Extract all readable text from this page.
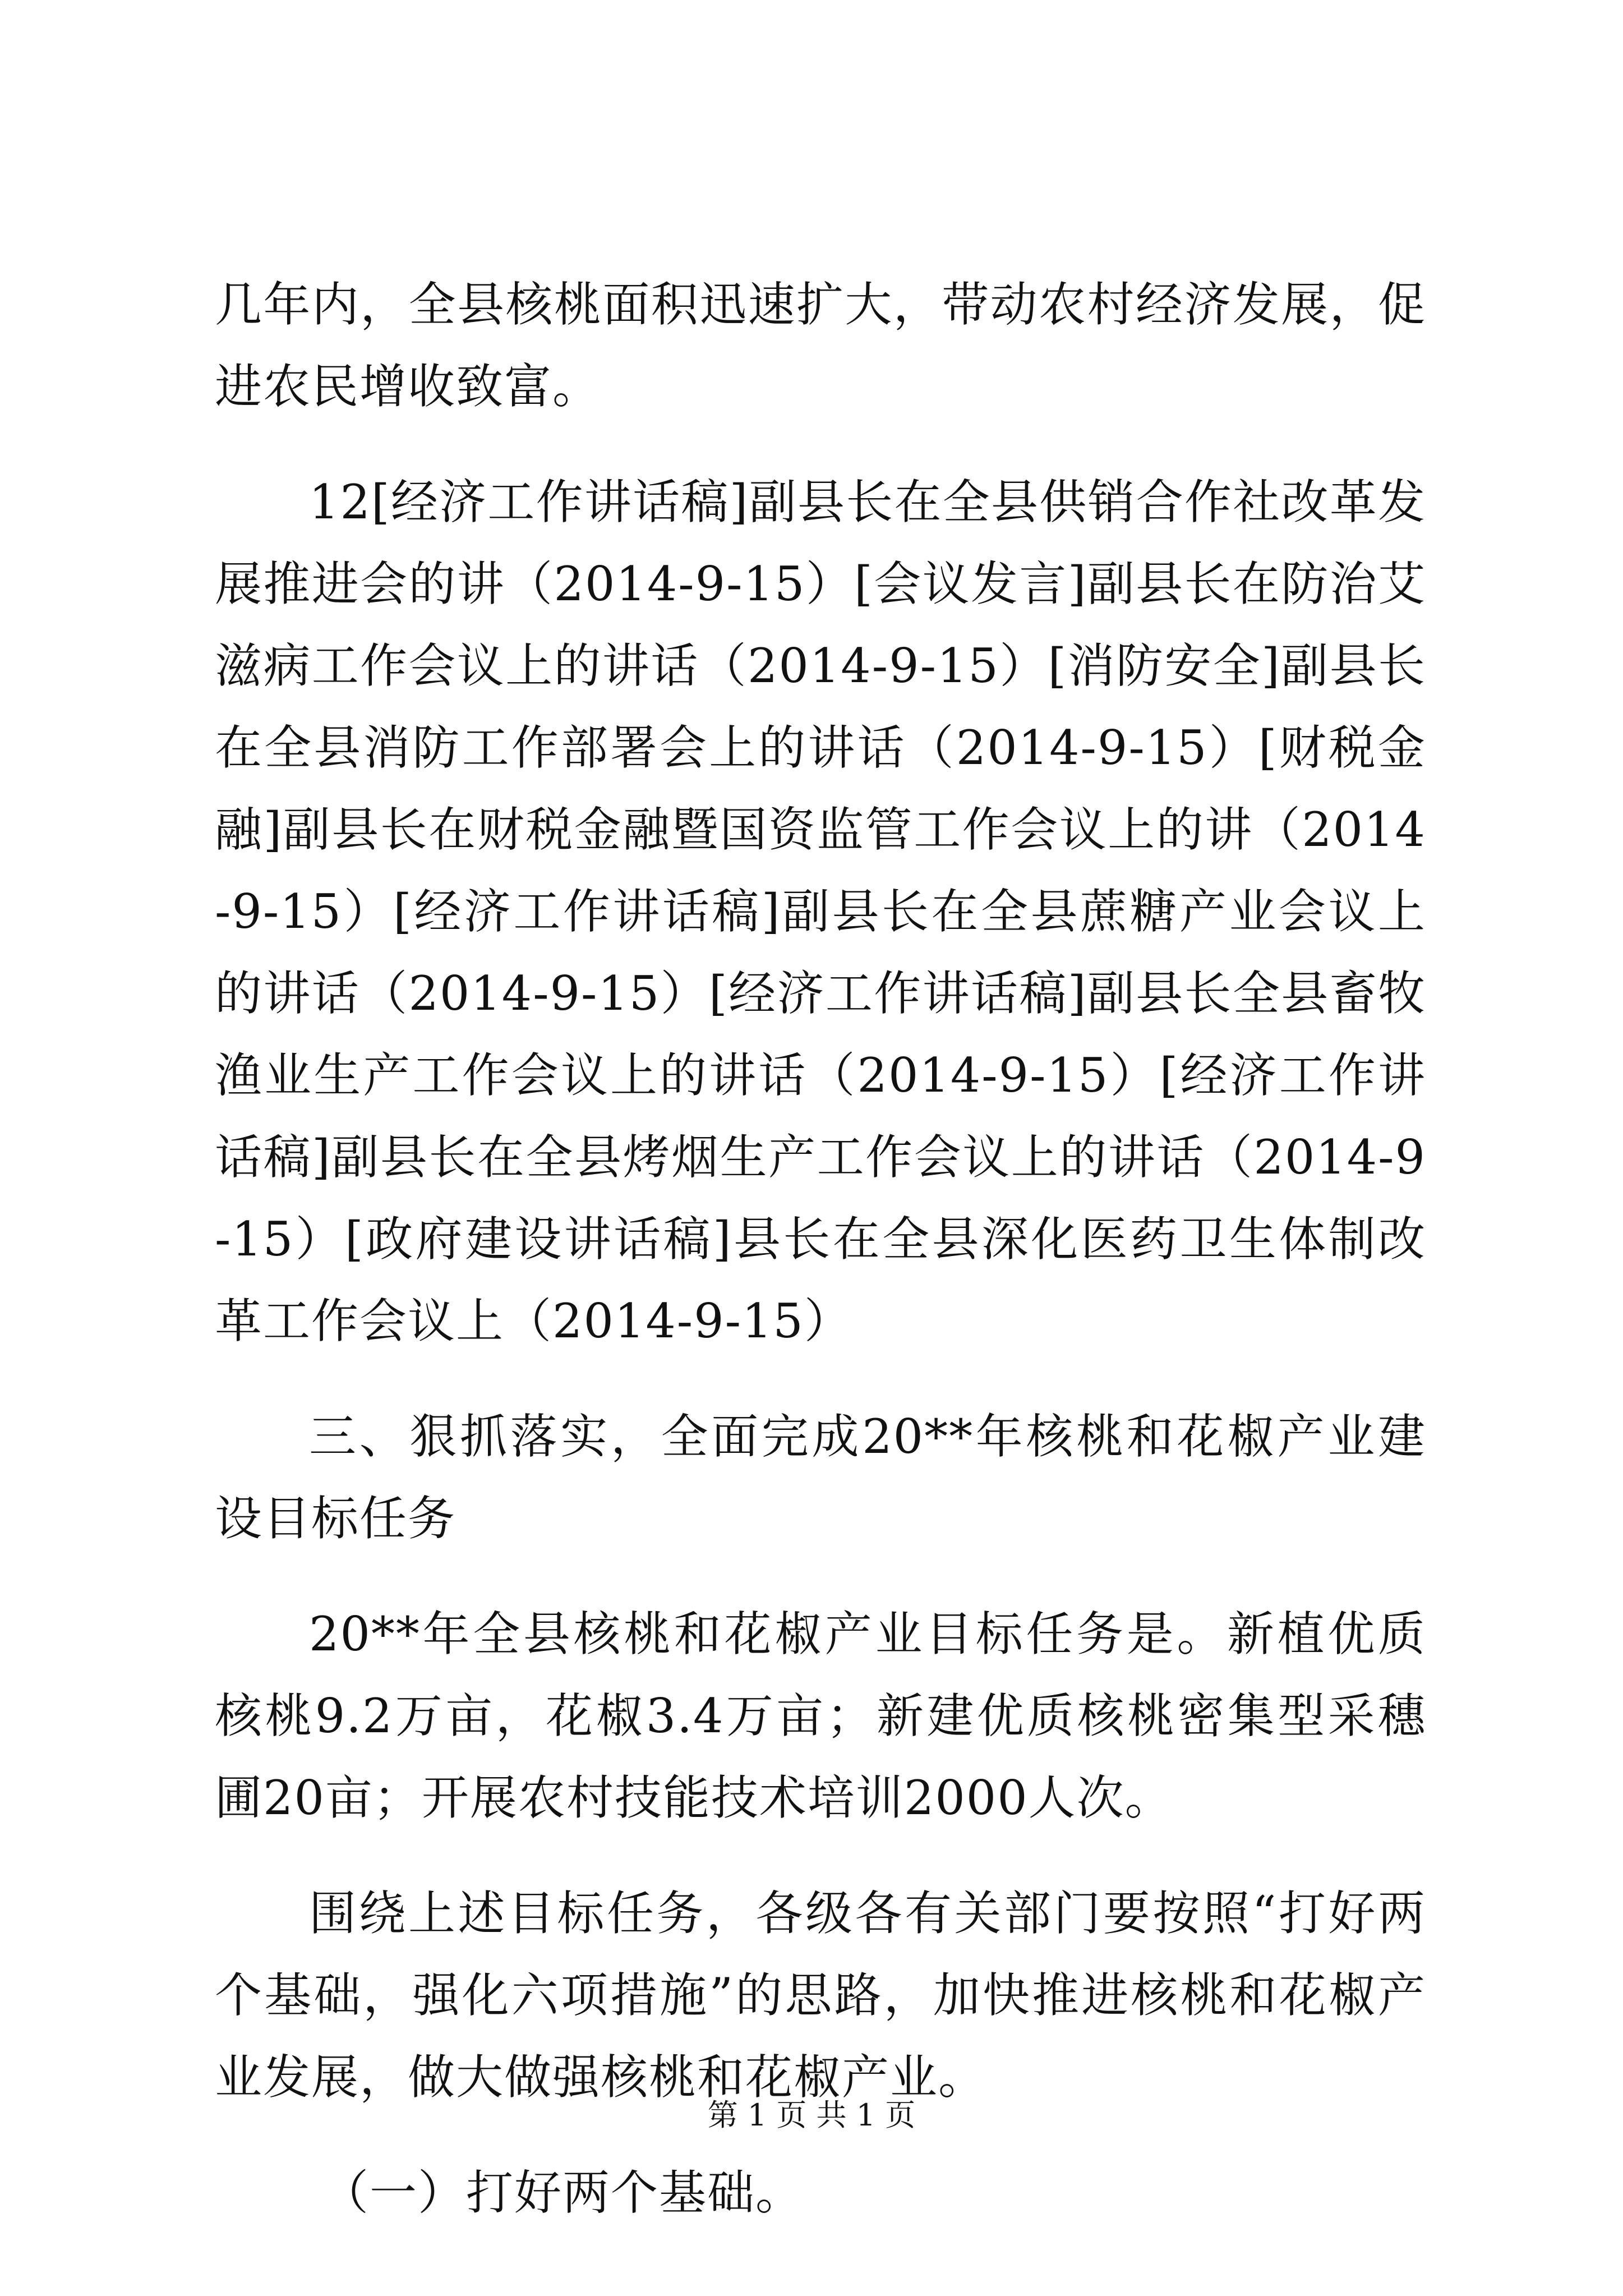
几年内，全县核桃面积迅速扩大，带动农村经济发展，促进农民增收致富。

12[经济工作讲话稿]副县长在全县供销合作社改革发展推进会的讲（2014-9-15）[会议发言]副县长在防治艾滋病工作会议上的讲话（2014-9-15）[消防安全]副县长在全县消防工作部署会上的讲话（2014-9-15）[财税金融]副县长在财税金融暨国资监管工作会议上的讲（2014-9-15）[经济工作讲话稿]副县长在全县蔗糖产业会议上的讲话（2014-9-15）[经济工作讲话稿]副县长全县畜牧渔业生产工作会议上的讲话（2014-9-15）[经济工作讲话稿]副县长在全县烤烟生产工作会议上的讲话（2014-9-15）[政府建设讲话稿]县长在全县深化医药卫生体制改革工作会议上（2014-9-15）

三、狠抓落实，全面完成20**年核桃和花椒产业建设目标任务

20**年全县核桃和花椒产业目标任务是。新植优质核桃9.2万亩，花椒3.4万亩；新建优质核桃密集型采穗圃20亩；开展农村技能技术培训2000人次。

围绕上述目标任务，各级各有关部门要按照“打好两个基础，强化六项措施”的思路，加快推进核桃和花椒产业发展，做大做强核桃和花椒产业。

（一）打好两个基础。

第 1 页 共 1 页
